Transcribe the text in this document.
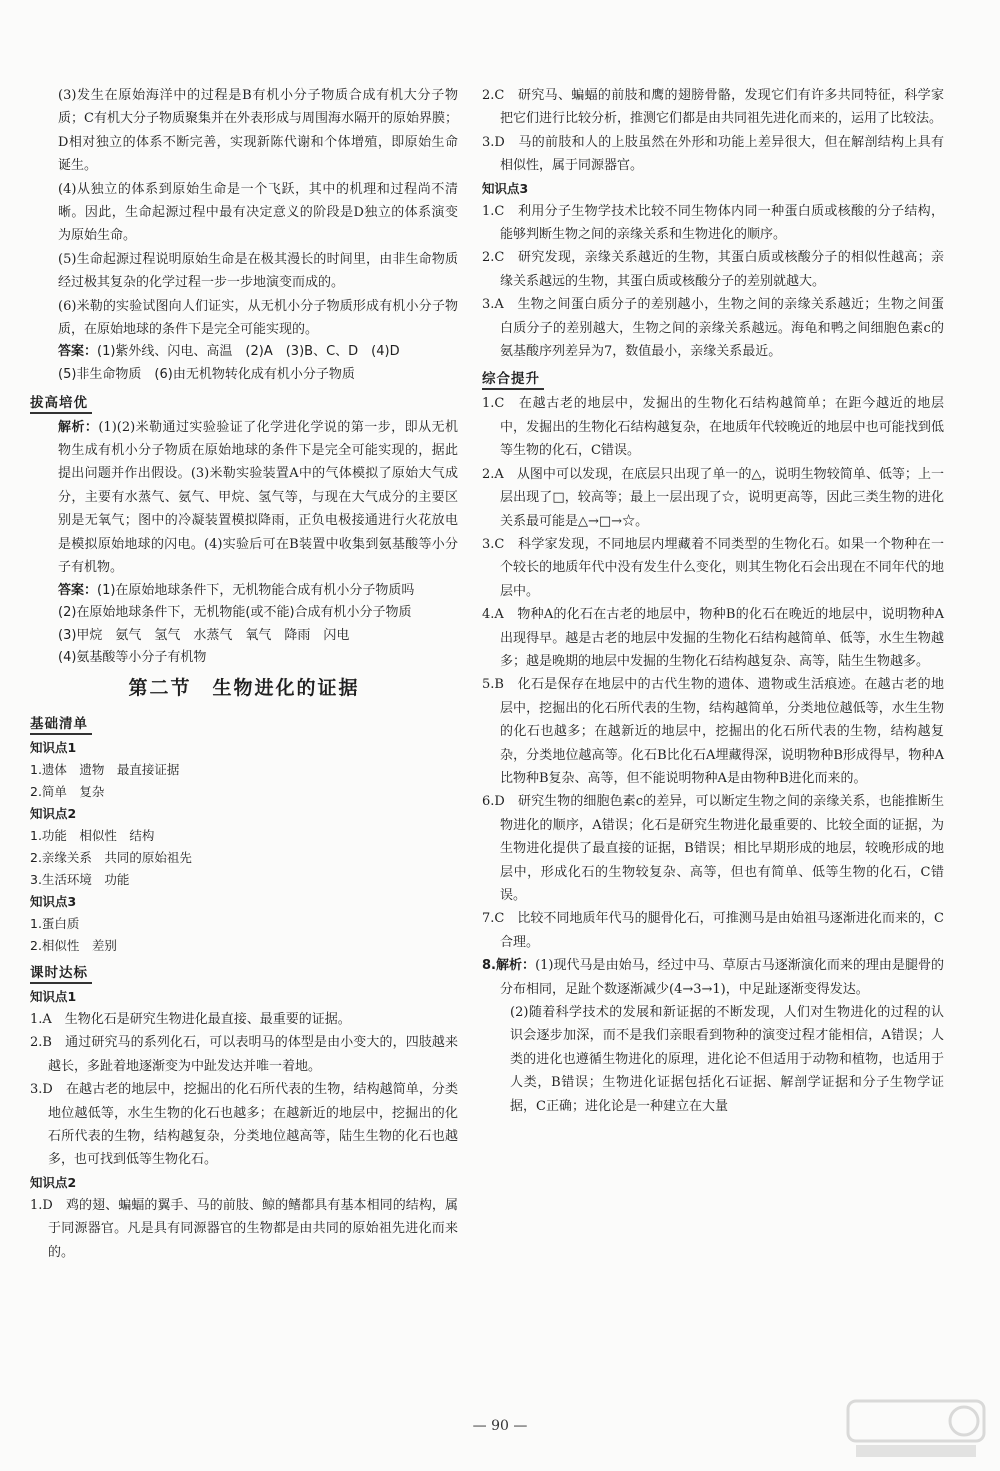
(3)发生在原始海洋中的过程是B有机小分子物质合成有机大分子物质；C有机大分子物质聚集并在外表形成与周围海水隔开的原始界膜；D相对独立的体系不断完善，实现新陈代谢和个体增殖，即原始生命诞生。
(4)从独立的体系到原始生命是一个飞跃，其中的机理和过程尚不清晰。因此，生命起源过程中最有决定意义的阶段是D独立的体系演变为原始生命。
(5)生命起源过程说明原始生命是在极其漫长的时间里，由非生命物质经过极其复杂的化学过程一步一步地演变而成的。
(6)米勒的实验试图向人们证实，从无机小分子物质形成有机小分子物质，在原始地球的条件下是完全可能实现的。
答案：(1)紫外线、闪电、高温　(2)A　(3)B、C、D　(4)D
(5)非生命物质　(6)由无机物转化成有机小分子物质
拔高培优
解析：(1)(2)米勒通过实验验证了化学进化学说的第一步，即从无机物生成有机小分子物质在原始地球的条件下是完全可能实现的，据此提出问题并作出假设。(3)米勒实验装置A中的气体模拟了原始大气成分，主要有水蒸气、氨气、甲烷、氢气等，与现在大气成分的主要区别是无氧气；图中的冷凝装置模拟降雨，正负电极接通进行火花放电是模拟原始地球的闪电。(4)实验后可在B装置中收集到氨基酸等小分子有机物。
答案：(1)在原始地球条件下，无机物能合成有机小分子物质吗
(2)在原始地球条件下，无机物能(或不能)合成有机小分子物质
(3)甲烷　氨气　氢气　水蒸气　氧气　降雨　闪电
(4)氨基酸等小分子有机物
第二节　生物进化的证据
基础清单
知识点1
1.遗体　遗物　最直接证据
2.简单　复杂
知识点2
1.功能　相似性　结构
2.亲缘关系　共同的原始祖先
3.生活环境　功能
知识点3
1.蛋白质
2.相似性　差别
课时达标
知识点1
1.A　生物化石是研究生物进化最直接、最重要的证据。
2.B　通过研究马的系列化石，可以表明马的体型是由小变大的，四肢越来越长，多趾着地逐渐变为中趾发达并唯一着地。
3.D　在越古老的地层中，挖掘出的化石所代表的生物，结构越简单，分类地位越低等，水生生物的化石也越多；在越新近的地层中，挖掘出的化石所代表的生物，结构越复杂，分类地位越高等，陆生生物的化石也越多，也可找到低等生物化石。
知识点2
1.D　鸡的翅、蝙蝠的翼手、马的前肢、鲸的鳍都具有基本相同的结构，属于同源器官。凡是具有同源器官的生物都是由共同的原始祖先进化而来的。
2.C　研究马、蝙蝠的前肢和鹰的翅膀骨骼，发现它们有许多共同特征，科学家把它们进行比较分析，推测它们都是由共同祖先进化而来的，运用了比较法。
3.D　马的前肢和人的上肢虽然在外形和功能上差异很大，但在解剖结构上具有相似性，属于同源器官。
知识点3
1.C　利用分子生物学技术比较不同生物体内同一种蛋白质或核酸的分子结构，能够判断生物之间的亲缘关系和生物进化的顺序。
2.C　研究发现，亲缘关系越近的生物，其蛋白质或核酸分子的相似性越高；亲缘关系越远的生物，其蛋白质或核酸分子的差别就越大。
3.A　生物之间蛋白质分子的差别越小，生物之间的亲缘关系越近；生物之间蛋白质分子的差别越大，生物之间的亲缘关系越远。海龟和鸭之间细胞色素c的氨基酸序列差异为7，数值最小，亲缘关系最近。
综合提升
1.C　在越古老的地层中，发掘出的生物化石结构越简单；在距今越近的地层中，发掘出的生物化石结构越复杂，在地质年代较晚近的地层中也可能找到低等生物的化石，C错误。
2.A　从图中可以发现，在底层只出现了单一的△，说明生物较简单、低等；上一层出现了□，较高等；最上一层出现了☆，说明更高等，因此三类生物的进化关系最可能是△→□→☆。
3.C　科学家发现，不同地层内埋藏着不同类型的生物化石。如果一个物种在一个较长的地质年代中没有发生什么变化，则其生物化石会出现在不同年代的地层中。
4.A　物种A的化石在古老的地层中，物种B的化石在晚近的地层中，说明物种A出现得早。越是古老的地层中发掘的生物化石结构越简单、低等，水生生物越多；越是晚期的地层中发掘的生物化石结构越复杂、高等，陆生生物越多。
5.B　化石是保存在地层中的古代生物的遗体、遗物或生活痕迹。在越古老的地层中，挖掘出的化石所代表的生物，结构越简单，分类地位越低等，水生生物的化石也越多；在越新近的地层中，挖掘出的化石所代表的生物，结构越复杂，分类地位越高等。化石B比化石A埋藏得深，说明物种B形成得早，物种A比物种B复杂、高等，但不能说明物种A是由物种B进化而来的。
6.D　研究生物的细胞色素c的差异，可以断定生物之间的亲缘关系，也能推断生物进化的顺序，A错误；化石是研究生物进化最重要的、比较全面的证据，为生物进化提供了最直接的证据，B错误；相比早期形成的地层，较晚形成的地层中，形成化石的生物较复杂、高等，但也有简单、低等生物的化石，C错误。
7.C　比较不同地质年代马的腿骨化石，可推测马是由始祖马逐渐进化而来的，C合理。
8.解析：(1)现代马是由始马，经过中马、草原古马逐渐演化而来的理由是腿骨的分布相同，足趾个数逐渐减少(4→3→1)，中足趾逐渐变得发达。
(2)随着科学技术的发展和新证据的不断发现，人们对生物进化的过程的认识会逐步加深，而不是我们亲眼看到物种的演变过程才能相信，A错误；人类的进化也遵循生物进化的原理，进化论不但适用于动物和植物，也适用于人类，B错误；生物进化证据包括化石证据、解剖学证据和分子生物学证据，C正确；进化论是一种建立在大量
— 90 —
